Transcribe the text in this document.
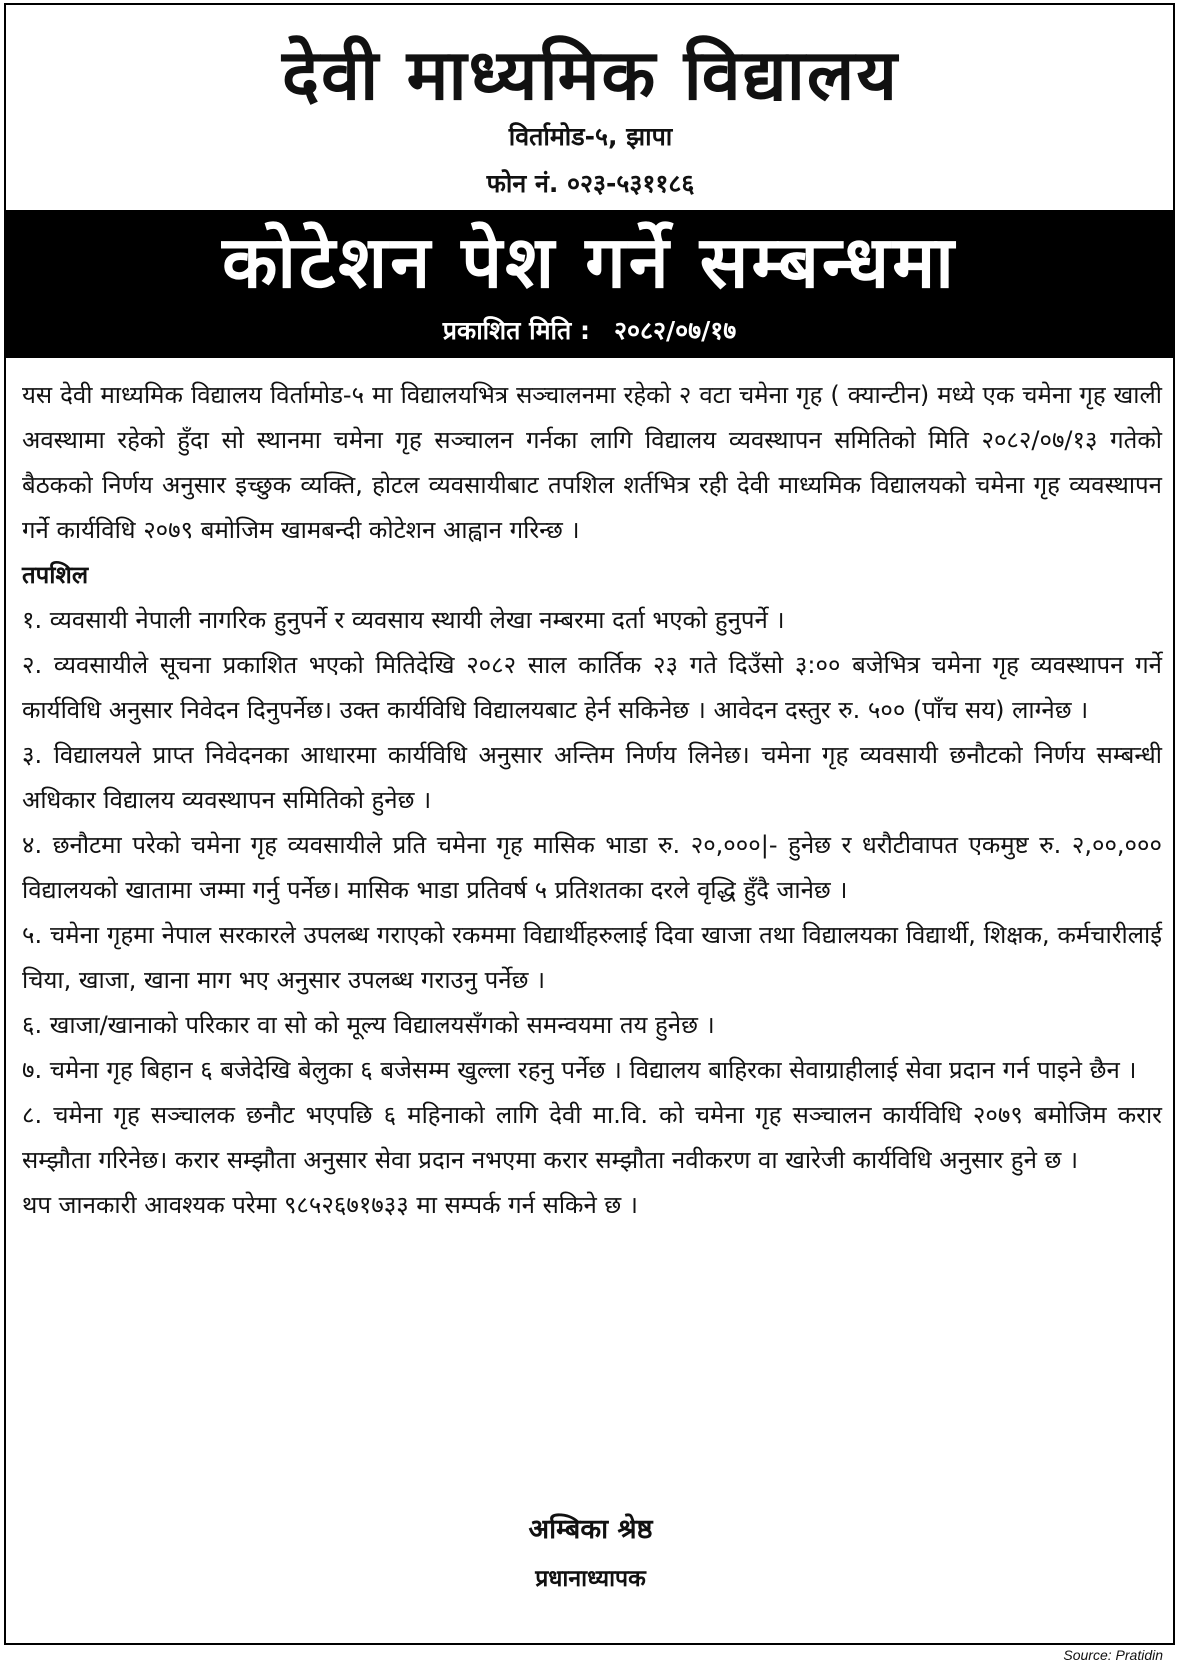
देवी माध्यमिक विद्यालय
विर्तामोड-५, झापा
फोन नं. ०२३-५३११८६
कोटेशन पेश गर्ने सम्बन्धमा
प्रकाशित मिति : २०८२/०७/१७

यस देवी माध्यमिक विद्यालय विर्तामोड-५ मा विद्यालयभित्र सञ्चालनमा रहेको २ वटा चमेना गृह ( क्यान्टीन) मध्ये एक चमेना गृह खाली अवस्थामा रहेको हुँदा सो स्थानमा चमेना गृह सञ्चालन गर्नका लागि विद्यालय व्यवस्थापन समितिको मिति २०८२/०७/१३ गतेको बैठकको निर्णय अनुसार इच्छुक व्यक्ति, होटल व्यवसायीबाट तपशिल शर्तभित्र रही देवी माध्यमिक विद्यालयको चमेना गृह व्यवस्थापन गर्ने कार्यविधि २०७९ बमोजिम खामबन्दी कोटेशन आह्वान गरिन्छ ।

तपशिल

१. व्यवसायी नेपाली नागरिक हुनुपर्ने र व्यवसाय स्थायी लेखा नम्बरमा दर्ता भएको हुनुपर्ने ।

२. व्यवसायीले सूचना प्रकाशित भएको मितिदेखि २०८२ साल कार्तिक २३ गते दिउँसो ३:०० बजेभित्र चमेना गृह व्यवस्थापन गर्ने कार्यविधि अनुसार निवेदन दिनुपर्नेछ। उक्त कार्यविधि विद्यालयबाट हेर्न सकिनेछ । आवेदन दस्तुर रु. ५०० (पाँच सय) लाग्नेछ ।

३. विद्यालयले प्राप्त निवेदनका आधारमा कार्यविधि अनुसार अन्तिम निर्णय लिनेछ। चमेना गृह व्यवसायी छनौटको निर्णय सम्बन्धी अधिकार विद्यालय व्यवस्थापन समितिको हुनेछ ।

४. छनौटमा परेको चमेना गृह व्यवसायीले प्रति चमेना गृह मासिक भाडा रु. २०,०००|- हुनेछ र धरौटीवापत एकमुष्ट रु. २,००,००० विद्यालयको खातामा जम्मा गर्नु पर्नेछ। मासिक भाडा प्रतिवर्ष ५ प्रतिशतका दरले वृद्धि हुँदै जानेछ ।

५. चमेना गृहमा नेपाल सरकारले उपलब्ध गराएको रकममा विद्यार्थीहरुलाई दिवा खाजा तथा विद्यालयका विद्यार्थी, शिक्षक, कर्मचारीलाई चिया, खाजा, खाना माग भए अनुसार उपलब्ध गराउनु पर्नेछ ।

६. खाजा/खानाको परिकार वा सो को मूल्य विद्यालयसँगको समन्वयमा तय हुनेछ ।

७. चमेना गृह बिहान ६ बजेदेखि बेलुका ६ बजेसम्म खुल्ला रहनु पर्नेछ । विद्यालय बाहिरका सेवाग्राहीलाई सेवा प्रदान गर्न पाइने छैन ।

८. चमेना गृह सञ्चालक छनौट भएपछि ६ महिनाको लागि देवी मा.वि. को चमेना गृह सञ्चालन कार्यविधि २०७९ बमोजिम करार सम्झौता गरिनेछ। करार सम्झौता अनुसार सेवा प्रदान नभएमा करार सम्झौता नवीकरण वा खारेजी कार्यविधि अनुसार हुने छ ।

थप जानकारी आवश्यक परेमा ९८५२६७१७३३ मा सम्पर्क गर्न सकिने छ ।

अम्बिका श्रेष्ठ
प्रधानाध्यापक
Source: Pratidin
